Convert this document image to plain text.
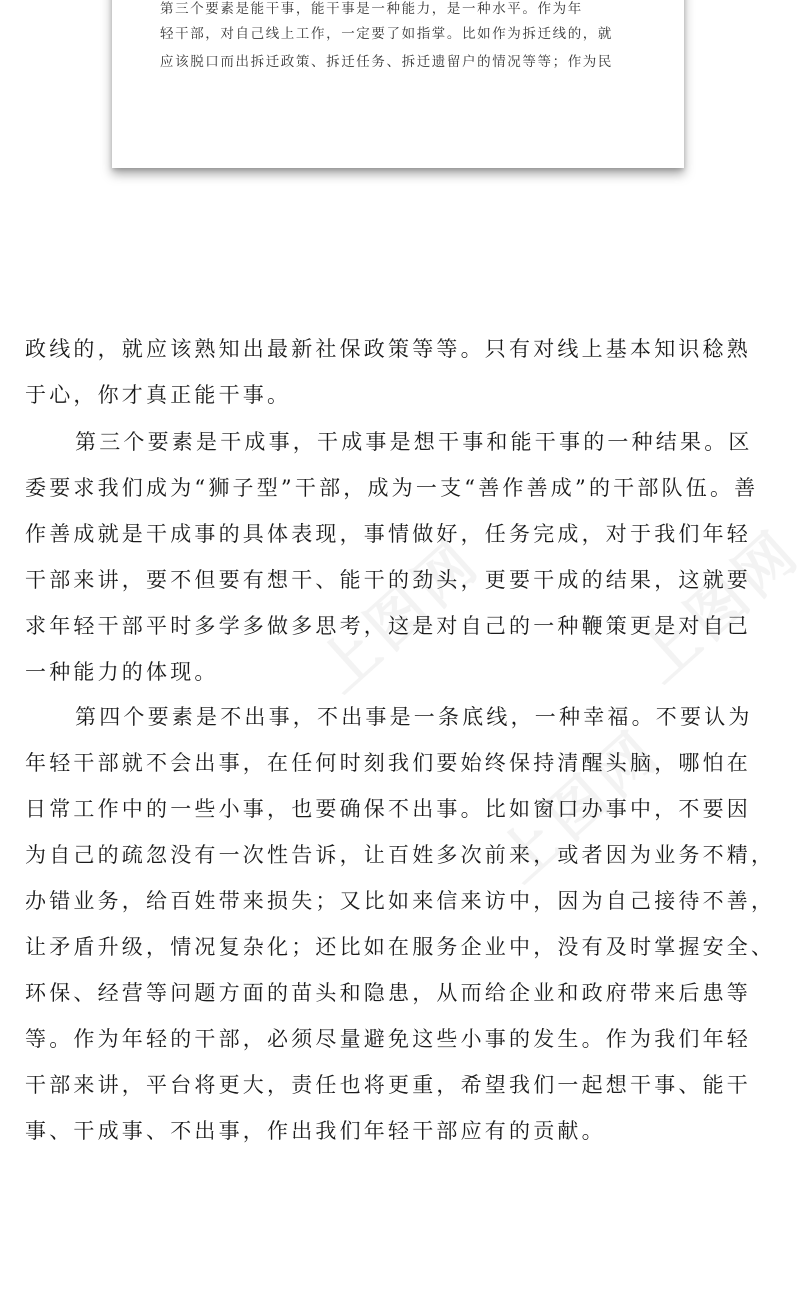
第三个要素是能干事，能干事是一种能力，是一种水平。作为年
轻干部，对自己线上工作，一定要了如指掌。比如作为拆迁线的，就
应该脱口而出拆迁政策、拆迁任务、拆迁遗留户的情况等等；作为民
政线的，就应该熟知出最新社保政策等等。只有对线上基本知识稔熟
于心，你才真正能干事。
第三个要素是干成事，干成事是想干事和能干事的一种结果。区
委要求我们成为“狮子型”干部，成为一支“善作善成”的干部队伍。善
作善成就是干成事的具体表现，事情做好，任务完成，对于我们年轻
干部来讲，要不但要有想干、能干的劲头，更要干成的结果，这就要
求年轻干部平时多学多做多思考，这是对自己的一种鞭策更是对自己
一种能力的体现。
第四个要素是不出事，不出事是一条底线，一种幸福。不要认为
年轻干部就不会出事，在任何时刻我们要始终保持清醒头脑，哪怕在
日常工作中的一些小事，也要确保不出事。比如窗口办事中，不要因
为自己的疏忽没有一次性告诉，让百姓多次前来，或者因为业务不精，
办错业务，给百姓带来损失；又比如来信来访中，因为自己接待不善，
让矛盾升级，情况复杂化；还比如在服务企业中，没有及时掌握安全、
环保、经营等问题方面的苗头和隐患，从而给企业和政府带来后患等
等。作为年轻的干部，必须尽量避免这些小事的发生。作为我们年轻
干部来讲，平台将更大，责任也将更重，希望我们一起想干事、能干
事、干成事、不出事，作出我们年轻干部应有的贡献。
